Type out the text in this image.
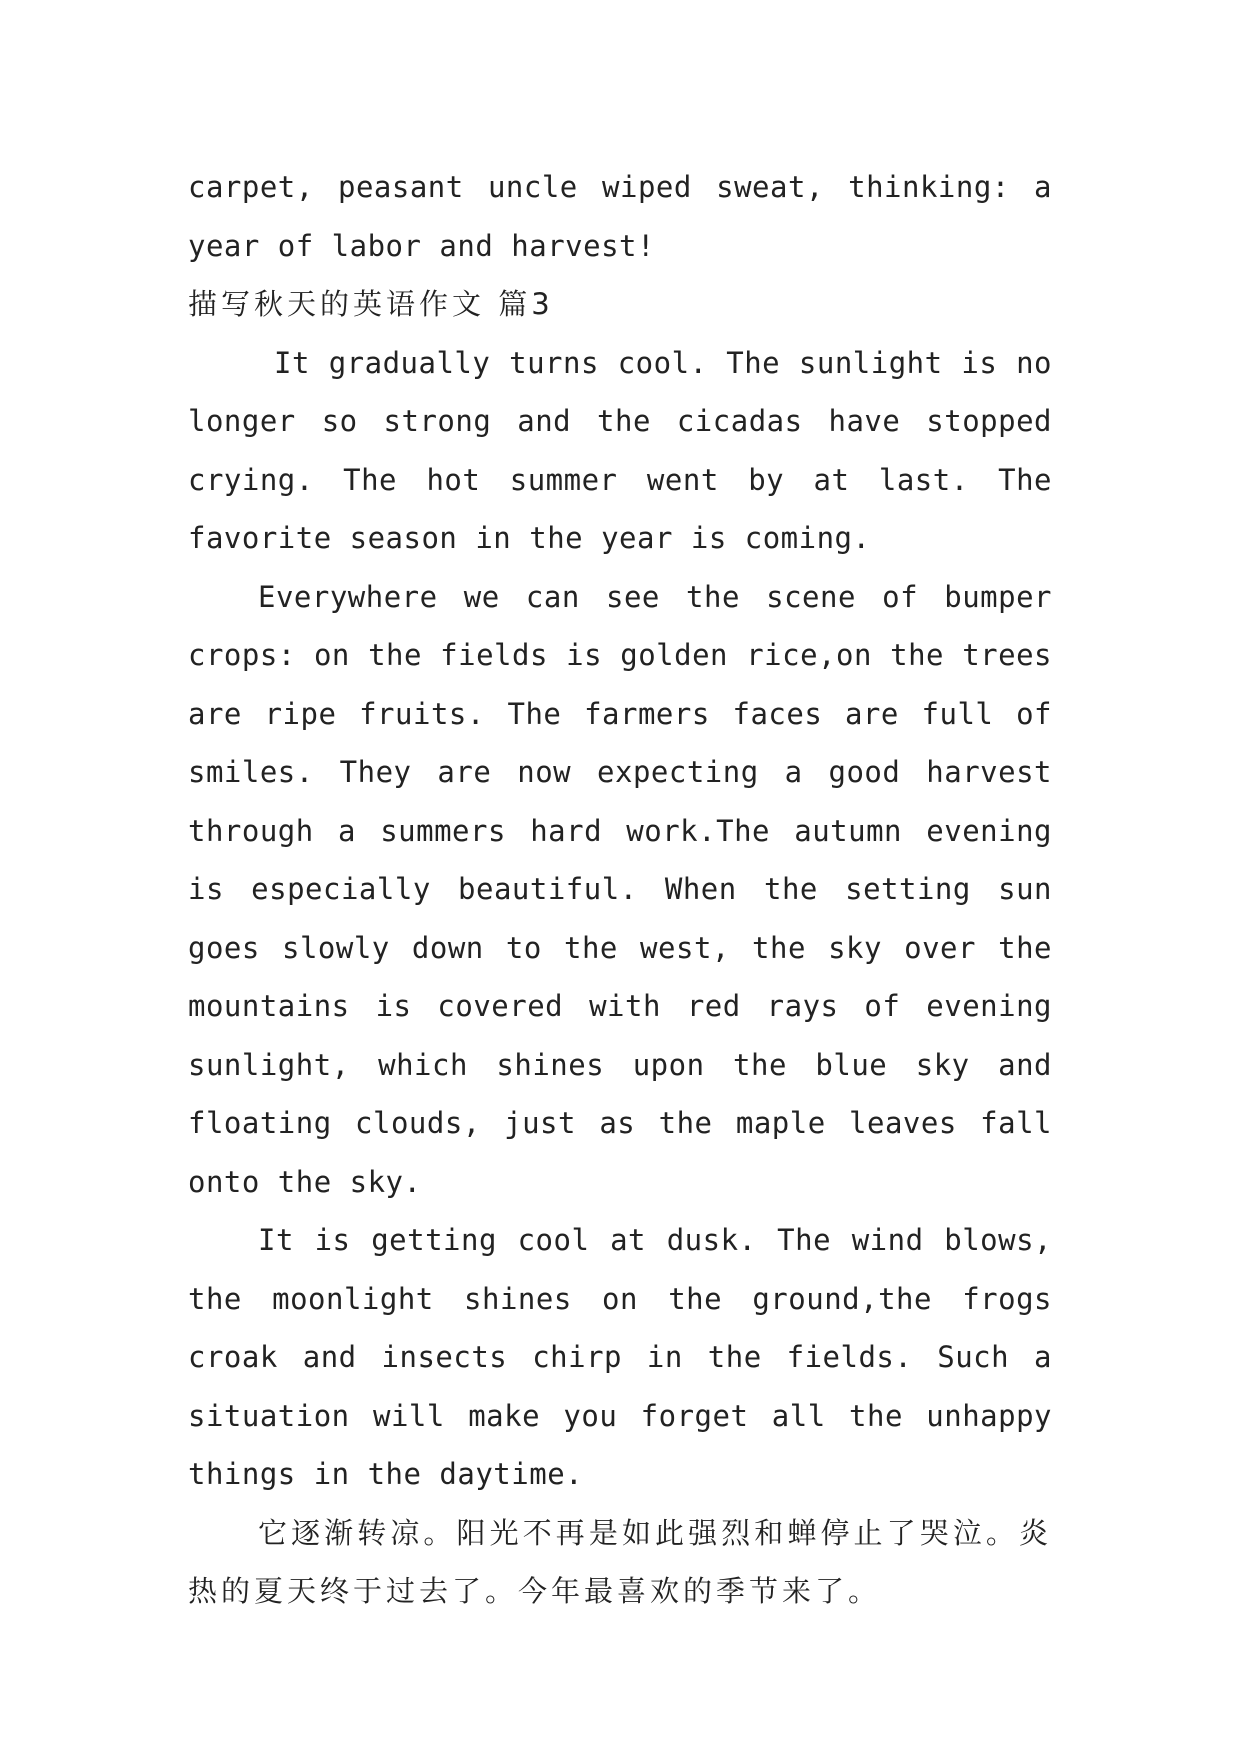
carpet, peasant uncle wiped sweat, thinking: a year of labor and harvest!

描写秋天的英语作文 篇3

It gradually turns cool. The sunlight is no longer so strong and the cicadas have stopped crying. The hot summer went by at last. The favorite season in the year is coming.

Everywhere we can see the scene of bumper crops: on the fields is golden rice,on the trees are ripe fruits. The farmers faces are full of smiles. They are now expecting a good harvest through a summers hard work.The autumn evening is especially beautiful. When the setting sun goes slowly down to the west, the sky over the mountains is covered with red rays of evening sunlight, which shines upon the blue sky and floating clouds, just as the maple leaves fall onto the sky.

It is getting cool at dusk. The wind blows, the moonlight shines on the ground,the frogs croak and insects chirp in the fields. Such a situation will make you forget all the unhappy things in the daytime.

它逐渐转凉。阳光不再是如此强烈和蝉停止了哭泣。炎热的夏天终于过去了。今年最喜欢的季节来了。
